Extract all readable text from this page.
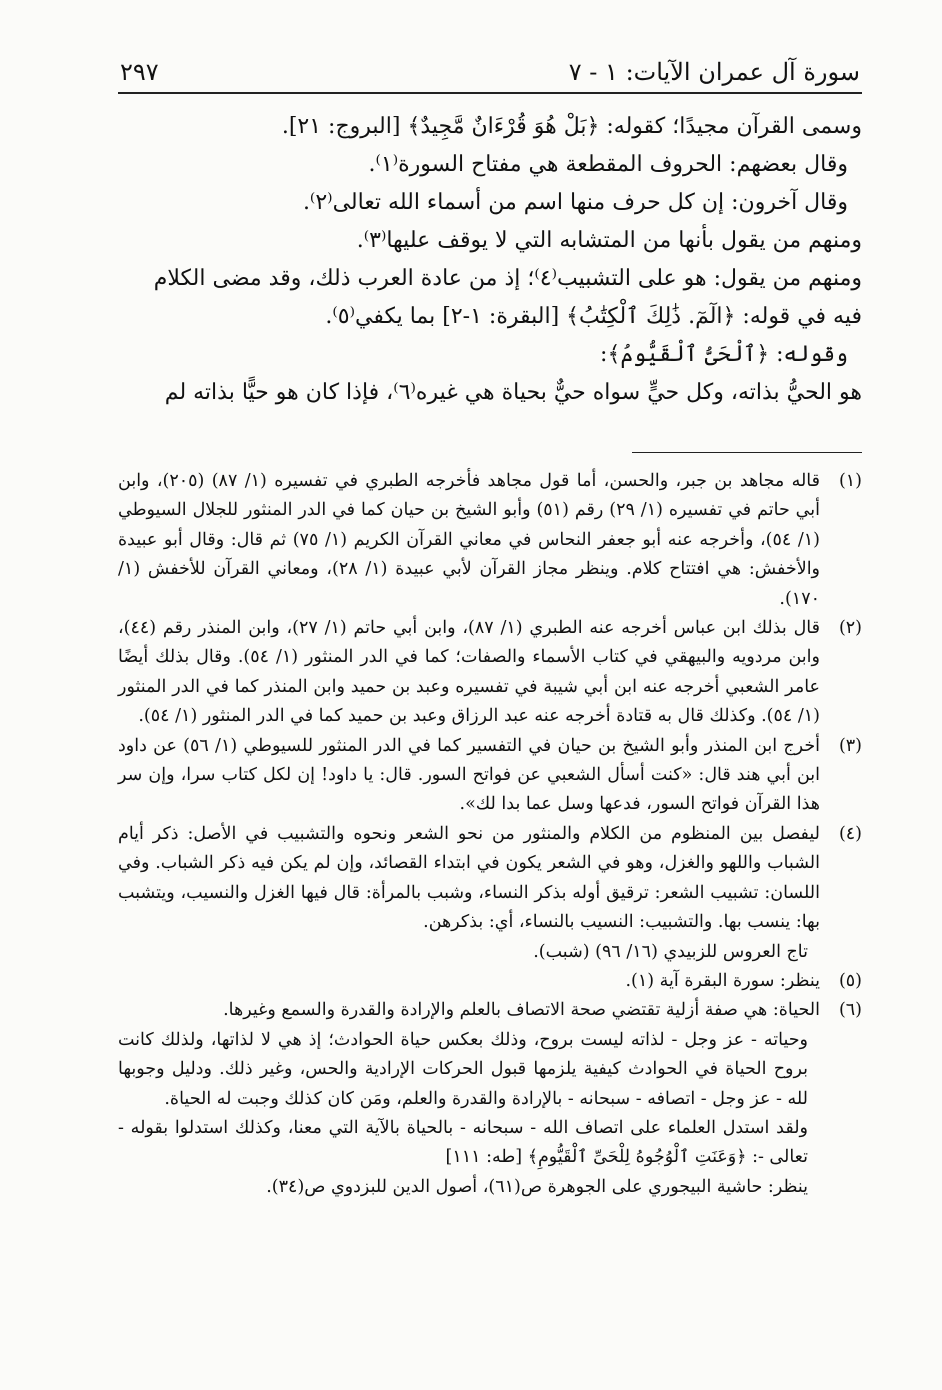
سورة آل عمران الآيات: ١ - ٧
٢٩٧

وسمى القرآن مجيدًا؛ كقوله: ﴿بَلْ هُوَ قُرْءَانٌ مَّجِيدٌ﴾ [البروج: ٢١].

وقال بعضهم: الحروف المقطعة هي مفتاح السورة⁽١⁾.

وقال آخرون: إن كل حرف منها اسم من أسماء الله تعالى⁽٢⁾.

ومنهم من يقول بأنها من المتشابه التي لا يوقف عليها⁽٣⁾.

ومنهم من يقول: هو على التشبيب⁽٤⁾؛ إذ من عادة العرب ذلك، وقد مضى الكلام فيه في قوله: ﴿الٓمٓ. ذَٰلِكَ ٱلْكِتَٰبُ﴾ [البقرة: ١-٢] بما يكفي⁽٥⁾.

وقوله: ﴿ٱلْحَىُّ ٱلْقَيُّومُ﴾:

هو الحيُّ بذاته، وكل حيٍّ سواه حيٌّ بحياة هي غيره⁽٦⁾، فإذا كان هو حيًّا بذاته لم

(١)

قاله مجاهد بن جبر، والحسن، أما قول مجاهد فأخرجه الطبري في تفسيره (١/ ٨٧) (٢٠٥)، وابن أبي حاتم في تفسيره (١/ ٢٩) رقم (٥١) وأبو الشيخ بن حيان كما في الدر المنثور للجلال السيوطي (١/ ٥٤)، وأخرجه عنه أبو جعفر النحاس في معاني القرآن الكريم (١/ ٧٥) ثم قال: وقال أبو عبيدة والأخفش: هي افتتاح كلام. وينظر مجاز القرآن لأبي عبيدة (١/ ٢٨)، ومعاني القرآن للأخفش (١/ ١٧٠).

(٢)

قال بذلك ابن عباس أخرجه عنه الطبري (١/ ٨٧)، وابن أبي حاتم (١/ ٢٧)، وابن المنذر رقم (٤٤)، وابن مردويه والبيهقي في كتاب الأسماء والصفات؛ كما في الدر المنثور (١/ ٥٤). وقال بذلك أيضًا عامر الشعبي أخرجه عنه ابن أبي شيبة في تفسيره وعبد بن حميد وابن المنذر كما في الدر المنثور (١/ ٥٤). وكذلك قال به قتادة أخرجه عنه عبد الرزاق وعبد بن حميد كما في الدر المنثور (١/ ٥٤).

(٣)

أخرج ابن المنذر وأبو الشيخ بن حيان في التفسير كما في الدر المنثور للسيوطي (١/ ٥٦) عن داود ابن أبي هند قال: «كنت أسأل الشعبي عن فواتح السور. قال: يا داود! إن لكل كتاب سرا، وإن سر هذا القرآن فواتح السور، فدعها وسل عما بدا لك».

(٤)

ليفصل بين المنظوم من الكلام والمنثور من نحو الشعر ونحوه والتشبيب في الأصل: ذكر أيام الشباب واللهو والغزل، وهو في الشعر يكون في ابتداء القصائد، وإن لم يكن فيه ذكر الشباب. وفي اللسان: تشبيب الشعر: ترقيق أوله بذكر النساء، وشبب بالمرأة: قال فيها الغزل والنسيب، ويتشبب بها: ينسب بها. والتشبيب: النسيب بالنساء، أي: بذكرهن.

تاج العروس للزبيدي (١٦/ ٩٦) (شبب).

(٥)

ينظر: سورة البقرة آية (١).

(٦)

الحياة: هي صفة أزلية تقتضي صحة الاتصاف بالعلم والإرادة والقدرة والسمع وغيرها.

وحياته - عز وجل - لذاته ليست بروح، وذلك بعكس حياة الحوادث؛ إذ هي لا لذاتها، ولذلك كانت بروح الحياة في الحوادث كيفية يلزمها قبول الحركات الإرادية والحس، وغير ذلك. ودليل وجوبها لله - عز وجل - اتصافه - سبحانه - بالإرادة والقدرة والعلم، ومَن كان كذلك وجبت له الحياة.

ولقد استدل العلماء على اتصاف الله - سبحانه - بالحياة بالآية التي معنا، وكذلك استدلوا بقوله - تعالى -: ﴿وَعَنَتِ ٱلْوُجُوهُ لِلْحَىِّ ٱلْقَيُّومِ﴾ [طه: ١١١]

ينظر: حاشية البيجوري على الجوهرة ص(٦١)، أصول الدين للبزدوي ص(٣٤).
